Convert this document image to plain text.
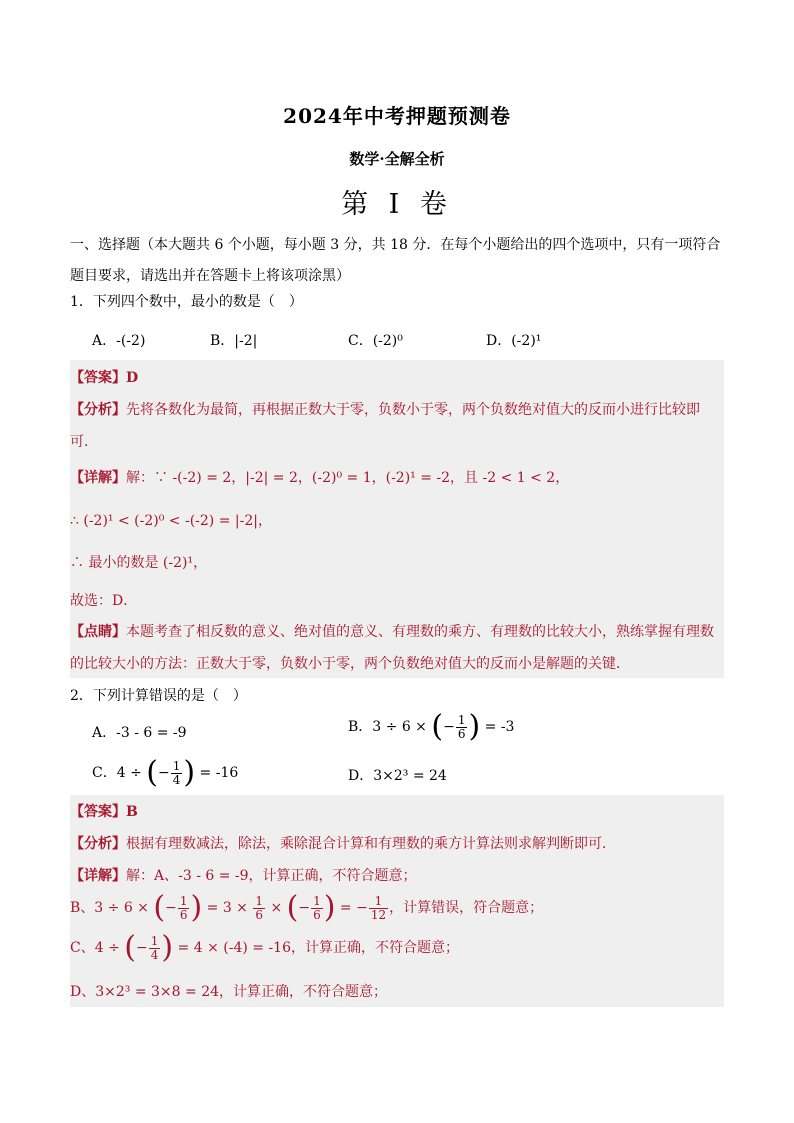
2024年中考押题预测卷
数学·全解全析
第 I 卷
一、选择题（本大题共 6 个小题，每小题 3 分，共 18 分．在每个小题给出的四个选项中，只有一项符合题目要求，请选出并在答题卡上将该项涂黑）
1．下列四个数中，最小的数是（　）
A．-(-2)	B．|-2|	C．(-2)⁰	D．(-2)¹
【答案】D
【分析】先将各数化为最简，再根据正数大于零，负数小于零，两个负数绝对值大的反而小进行比较即可．
【详解】解：∵ -(-2) = 2，|-2| = 2，(-2)⁰ = 1，(-2)¹ = -2，且 -2 < 1 < 2，
∴ (-2)¹ < (-2)⁰ < -(-2) = |-2|，
∴ 最小的数是 (-2)¹，
故选：D．
【点睛】本题考查了相反数的意义、绝对值的意义、有理数的乘方、有理数的比较大小，熟练掌握有理数的比较大小的方法：正数大于零，负数小于零，两个负数绝对值大的反而小是解题的关键．
2．下列计算错误的是（　）
A．-3 - 6 = -9	B．3 ÷ 6 × (− $\frac{1}{6}$ ) = -3
C．4 ÷ (− $\frac{1}{4}$ ) = -16	D．3×2³ = 24
【答案】B
【分析】根据有理数减法，除法，乘除混合计算和有理数的乘方计算法则求解判断即可．
【详解】解：A、-3 - 6 = -9，计算正确，不符合题意；
B、3 ÷ 6 × (− $\frac{1}{6}$ ) = $3 \times \frac{1}{6}$ × (− $\frac{1}{6}$ ) = − $\frac{1}{12}$ ，计算错误，符合题意；
C、4 ÷ (− $\frac{1}{4}$ ) = 4 × (-4) = -16，计算正确，不符合题意；
D、3×2³ = 3×8 = 24，计算正确，不符合题意；
